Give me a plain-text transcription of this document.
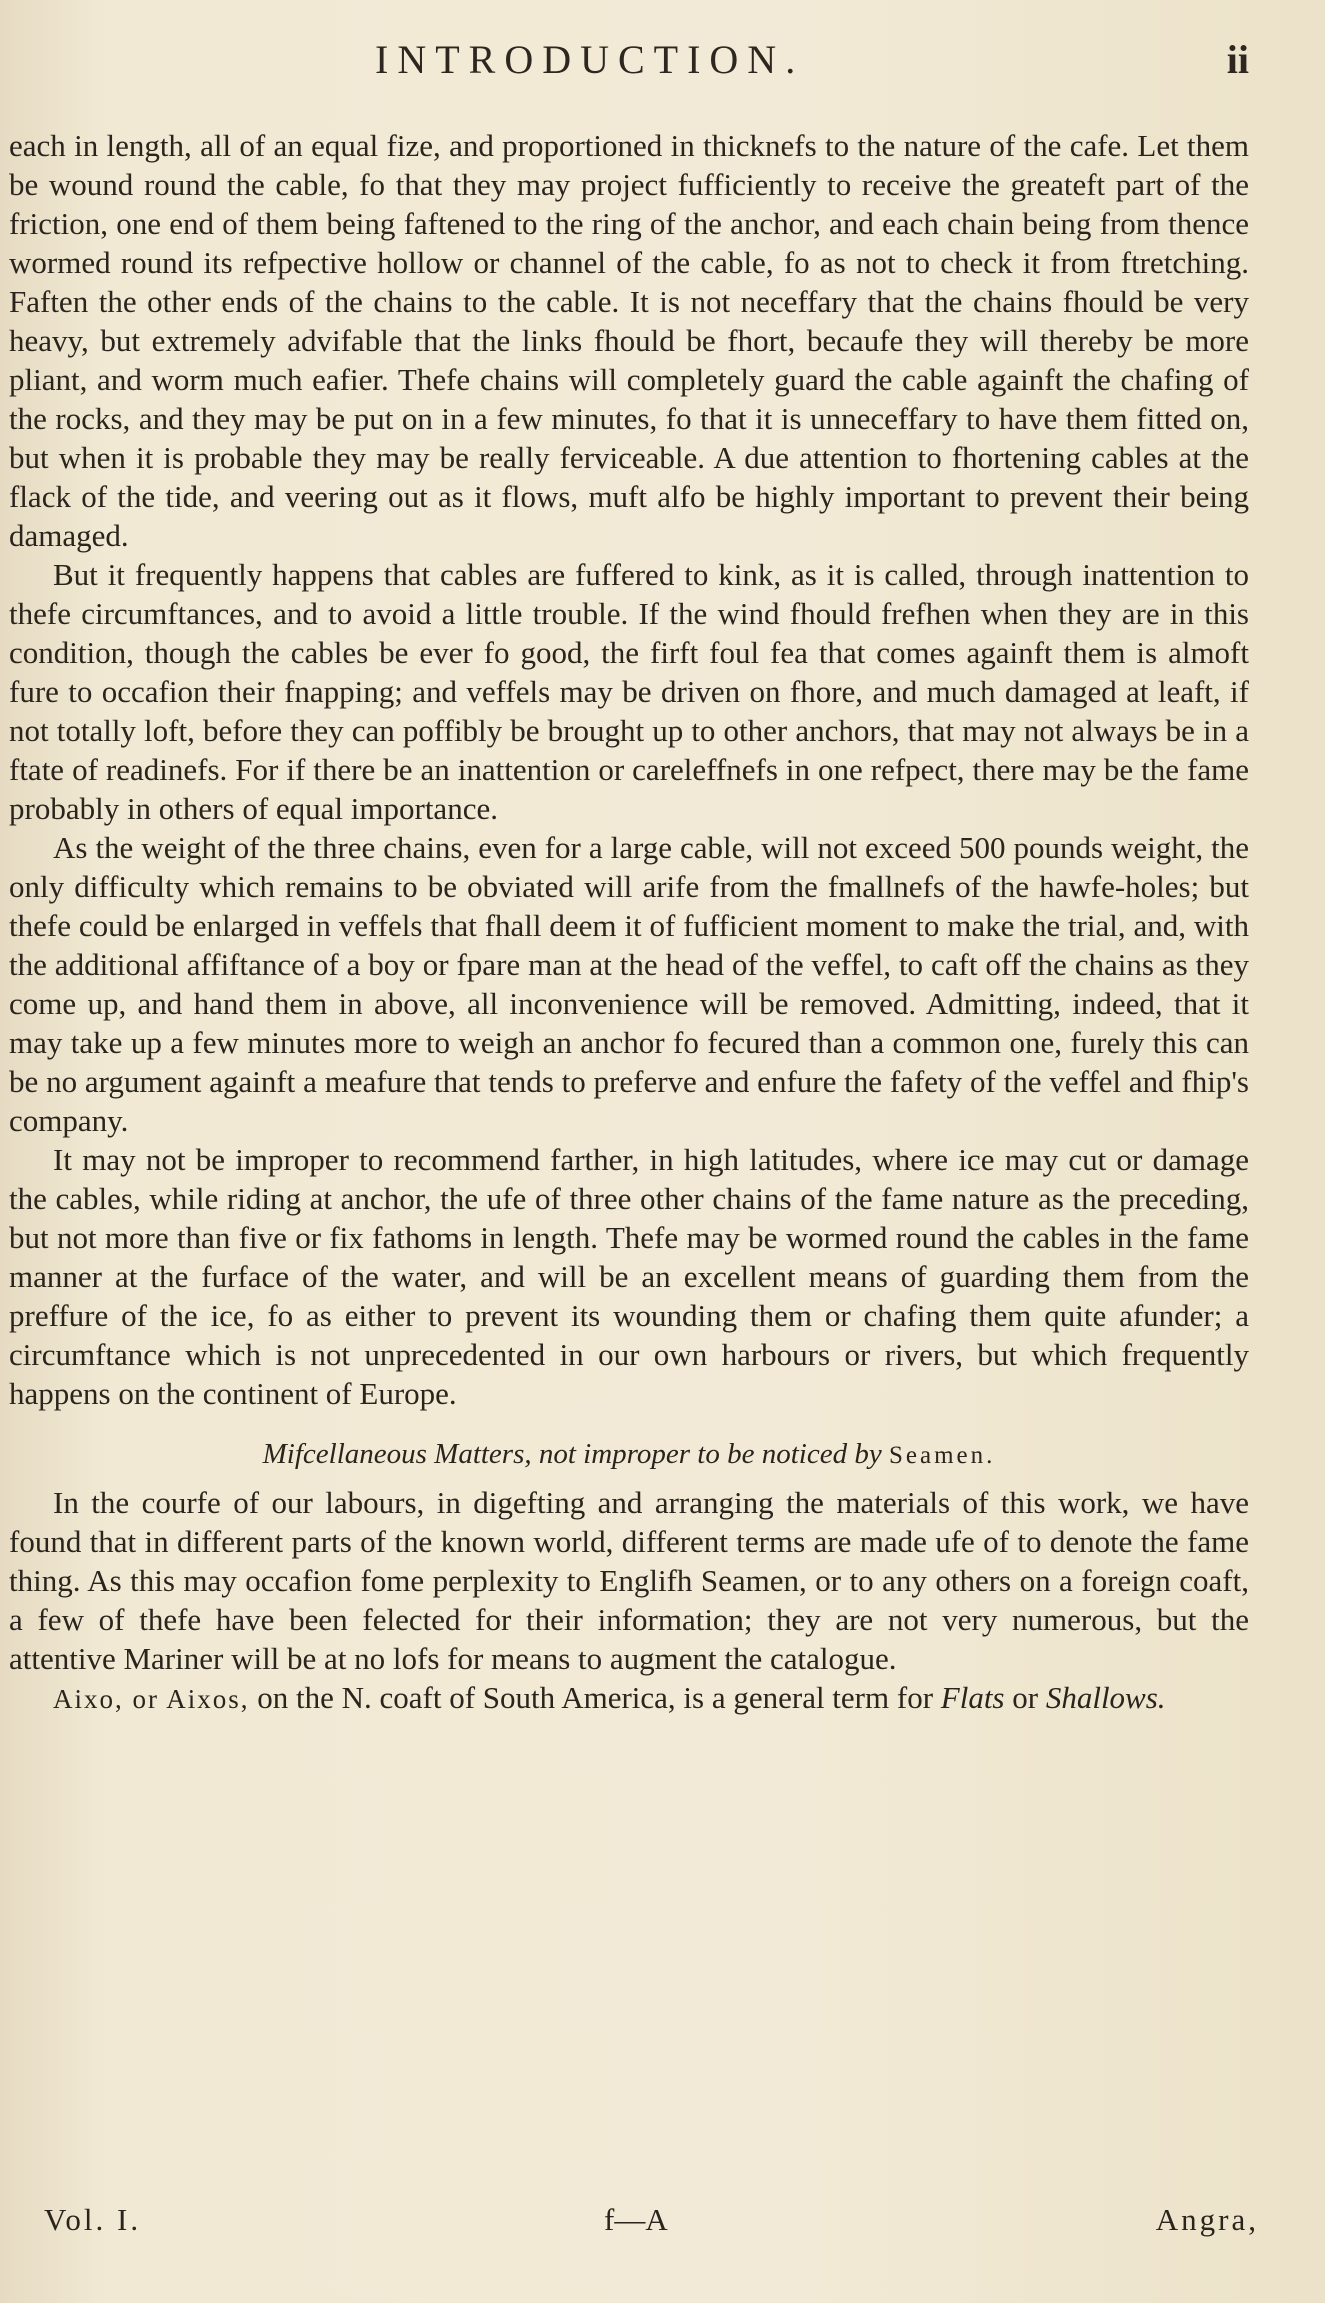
INTRODUCTION.	ii

each in length, all of an equal fize, and proportioned in thicknefs to the nature of the cafe. Let them be wound round the cable, fo that they may project fufficiently to receive the greateft part of the friction, one end of them being faftened to the ring of the anchor, and each chain being from thence wormed round its refpective hollow or channel of the cable, fo as not to check it from ftretching. Faften the other ends of the chains to the cable. It is not neceffary that the chains fhould be very heavy, but extremely advifable that the links fhould be fhort, becaufe they will thereby be more pliant, and worm much eafier. Thefe chains will completely guard the cable againft the chafing of the rocks, and they may be put on in a few minutes, fo that it is unneceffary to have them fitted on, but when it is probable they may be really ferviceable. A due attention to fhortening cables at the flack of the tide, and veering out as it flows, muft alfo be highly important to prevent their being damaged.

But it frequently happens that cables are fuffered to kink, as it is called, through inattention to thefe circumftances, and to avoid a little trouble. If the wind fhould frefhen when they are in this condition, though the cables be ever fo good, the firft foul fea that comes againft them is almoft fure to occafion their fnapping; and veffels may be driven on fhore, and much damaged at leaft, if not totally loft, before they can poffibly be brought up to other anchors, that may not always be in a ftate of readinefs. For if there be an inattention or careleffnefs in one refpect, there may be the fame probably in others of equal importance.

As the weight of the three chains, even for a large cable, will not exceed 500 pounds weight, the only difficulty which remains to be obviated will arife from the fmallnefs of the hawfe-holes; but thefe could be enlarged in veffels that fhall deem it of fufficient moment to make the trial, and, with the additional affiftance of a boy or fpare man at the head of the veffel, to caft off the chains as they come up, and hand them in above, all inconvenience will be removed. Admitting, indeed, that it may take up a few minutes more to weigh an anchor fo fecured than a common one, furely this can be no argument againft a meafure that tends to preferve and enfure the fafety of the veffel and fhip's company.

It may not be improper to recommend farther, in high latitudes, where ice may cut or damage the cables, while riding at anchor, the ufe of three other chains of the fame nature as the preceding, but not more than five or fix fathoms in length. Thefe may be wormed round the cables in the fame manner at the furface of the water, and will be an excellent means of guarding them from the preffure of the ice, fo as either to prevent its wounding them or chafing them quite afunder; a circumftance which is not unprecedented in our own harbours or rivers, but which frequently happens on the continent of Europe.

Mifcellaneous Matters, not improper to be noticed by Seamen.

In the courfe of our labours, in digefting and arranging the materials of this work, we have found that in different parts of the known world, different terms are made ufe of to denote the fame thing. As this may occafion fome perplexity to Englifh Seamen, or to any others on a foreign coaft, a few of thefe have been felected for their information; they are not very numerous, but the attentive Mariner will be at no lofs for means to augment the catalogue.

Aixo, or Aixos, on the N. coaft of South America, is a general term for Flats or Shallows.

Vol. I.	f—A	Angra,
